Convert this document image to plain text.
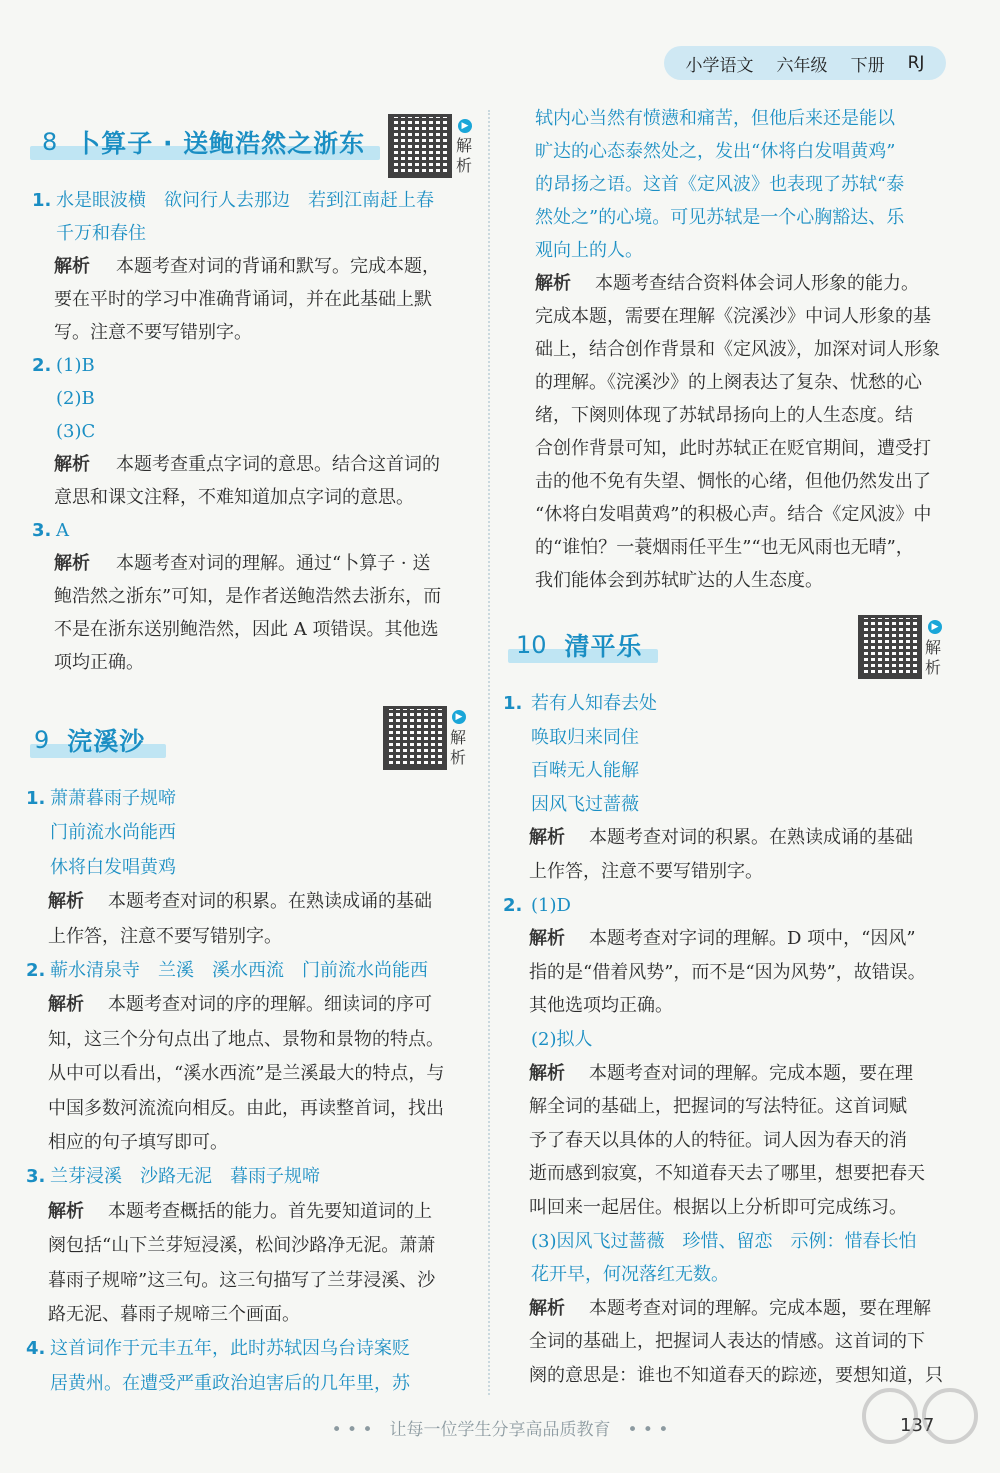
小学语文 六年级 下册 RJ
8 卜算子 · 送鲍浩然之浙东
▶
解
析
1. 水是眼波横　欲问行人去那边　若到江南赶上春
千万和春住
解析 本题考查对词的背诵和默写。完成本题，
要在平时的学习中准确背诵词，并在此基础上默
写。注意不要写错别字。
2. (1)B
(2)B
(3)C
解析 本题考查重点字词的意思。结合这首词的
意思和课文注释，不难知道加点字词的意思。
3. A
解析 本题考查对词的理解。通过“卜算子 · 送
鲍浩然之浙东”可知，是作者送鲍浩然去浙东，而
不是在浙东送别鲍浩然，因此 A 项错误。其他选
项均正确。
9 浣溪沙
▶
解
析
1. 萧萧暮雨子规啼
门前流水尚能西
休将白发唱黄鸡
解析 本题考查对词的积累。在熟读成诵的基础
上作答，注意不要写错别字。
2. 蕲水清泉寺　兰溪　溪水西流　门前流水尚能西
解析 本题考查对词的序的理解。细读词的序可
知，这三个分句点出了地点、景物和景物的特点。
从中可以看出，“溪水西流”是兰溪最大的特点，与
中国多数河流流向相反。由此，再读整首词，找出
相应的句子填写即可。
3. 兰芽浸溪　沙路无泥　暮雨子规啼
解析 本题考查概括的能力。首先要知道词的上
阕包括“山下兰芽短浸溪，松间沙路净无泥。萧萧
暮雨子规啼”这三句。这三句描写了兰芽浸溪、沙
路无泥、暮雨子规啼三个画面。
4. 这首词作于元丰五年，此时苏轼因乌台诗案贬
居黄州。在遭受严重政治迫害后的几年里，苏
轼内心当然有愤懑和痛苦，但他后来还是能以
旷达的心态泰然处之，发出“休将白发唱黄鸡”
的昂扬之语。这首《定风波》也表现了苏轼“泰
然处之”的心境。可见苏轼是一个心胸豁达、乐
观向上的人。
解析 本题考查结合资料体会词人形象的能力。
完成本题，需要在理解《浣溪沙》中词人形象的基
础上，结合创作背景和《定风波》，加深对词人形象
的理解。《浣溪沙》的上阕表达了复杂、忧愁的心
绪，下阕则体现了苏轼昂扬向上的人生态度。结
合创作背景可知，此时苏轼正在贬官期间，遭受打
击的他不免有失望、惆怅的心绪，但他仍然发出了
“休将白发唱黄鸡”的积极心声。结合《定风波》中
的“谁怕？一蓑烟雨任平生”“也无风雨也无晴”，
我们能体会到苏轼旷达的人生态度。
10 清平乐
▶
解
析
1. 若有人知春去处
唤取归来同住
百啭无人能解
因风飞过蔷薇
解析 本题考查对词的积累。在熟读成诵的基础
上作答，注意不要写错别字。
2. (1)D
解析 本题考查对字词的理解。D 项中，“因风”
指的是“借着风势”，而不是“因为风势”，故错误。
其他选项均正确。
(2)拟人
解析 本题考查对词的理解。完成本题，要在理
解全词的基础上，把握词的写法特征。这首词赋
予了春天以具体的人的特征。词人因为春天的消
逝而感到寂寞，不知道春天去了哪里，想要把春天
叫回来一起居住。根据以上分析即可完成练习。
(3)因风飞过蔷薇　珍惜、留恋　示例：惜春长怕
花开早，何况落红无数。
解析 本题考查对词的理解。完成本题，要在理解
全词的基础上，把握词人表达的情感。这首词的下
阕的意思是：谁也不知道春天的踪迹，要想知道，只
• • •　让每一位学生分享高品质教育　• • •	137
